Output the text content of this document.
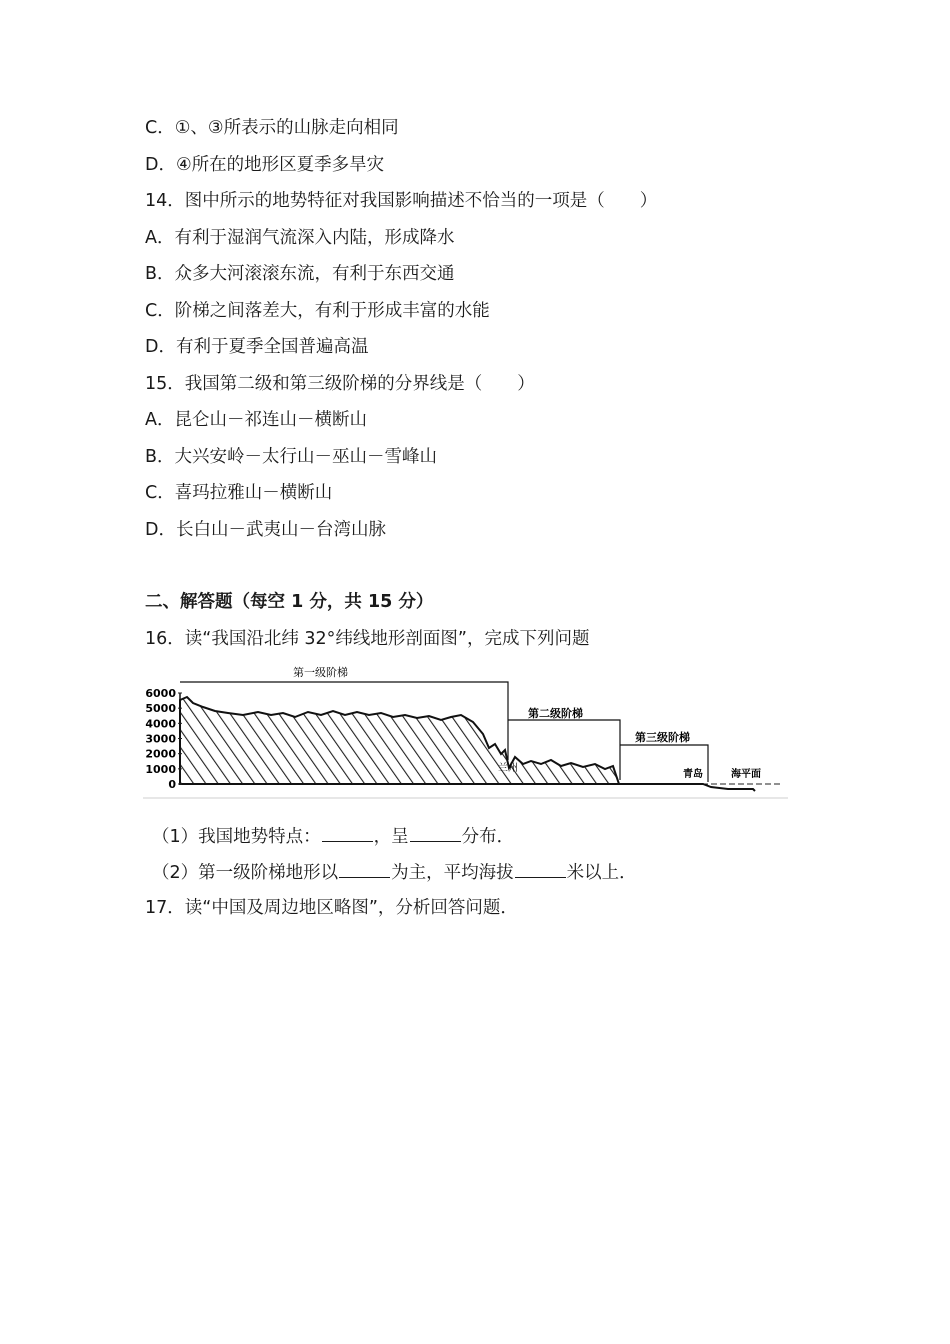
C．①、③所表示的山脉走向相同
D．④所在的地形区夏季多旱灾
14．图中所示的地势特征对我国影响描述不恰当的一项是（　　）
A．有利于湿润气流深入内陆，形成降水
B．众多大河滚滚东流，有利于东西交通
C．阶梯之间落差大，有利于形成丰富的水能
D．有利于夏季全国普遍高温
15．我国第二级和第三级阶梯的分界线是（　　）
A．昆仑山－祁连山－横断山
B．大兴安岭－太行山－巫山－雪峰山
C．喜玛拉雅山－横断山
D．长白山－武夷山－台湾山脉
二、解答题（每空 1 分，共 15 分）
16．读“我国沿北纬 32°纬线地形剖面图”，完成下列问题
6000
5000
4000
3000
2000
1000
0
第一级阶梯
第二级阶梯
第三级阶梯
兰州
青岛	海平面
（1）我国地势特点：	，呈	分布．
（2）第一级阶梯地形以	为主，平均海拔	米以上．
17．读“中国及周边地区略图”，分析回答问题．
